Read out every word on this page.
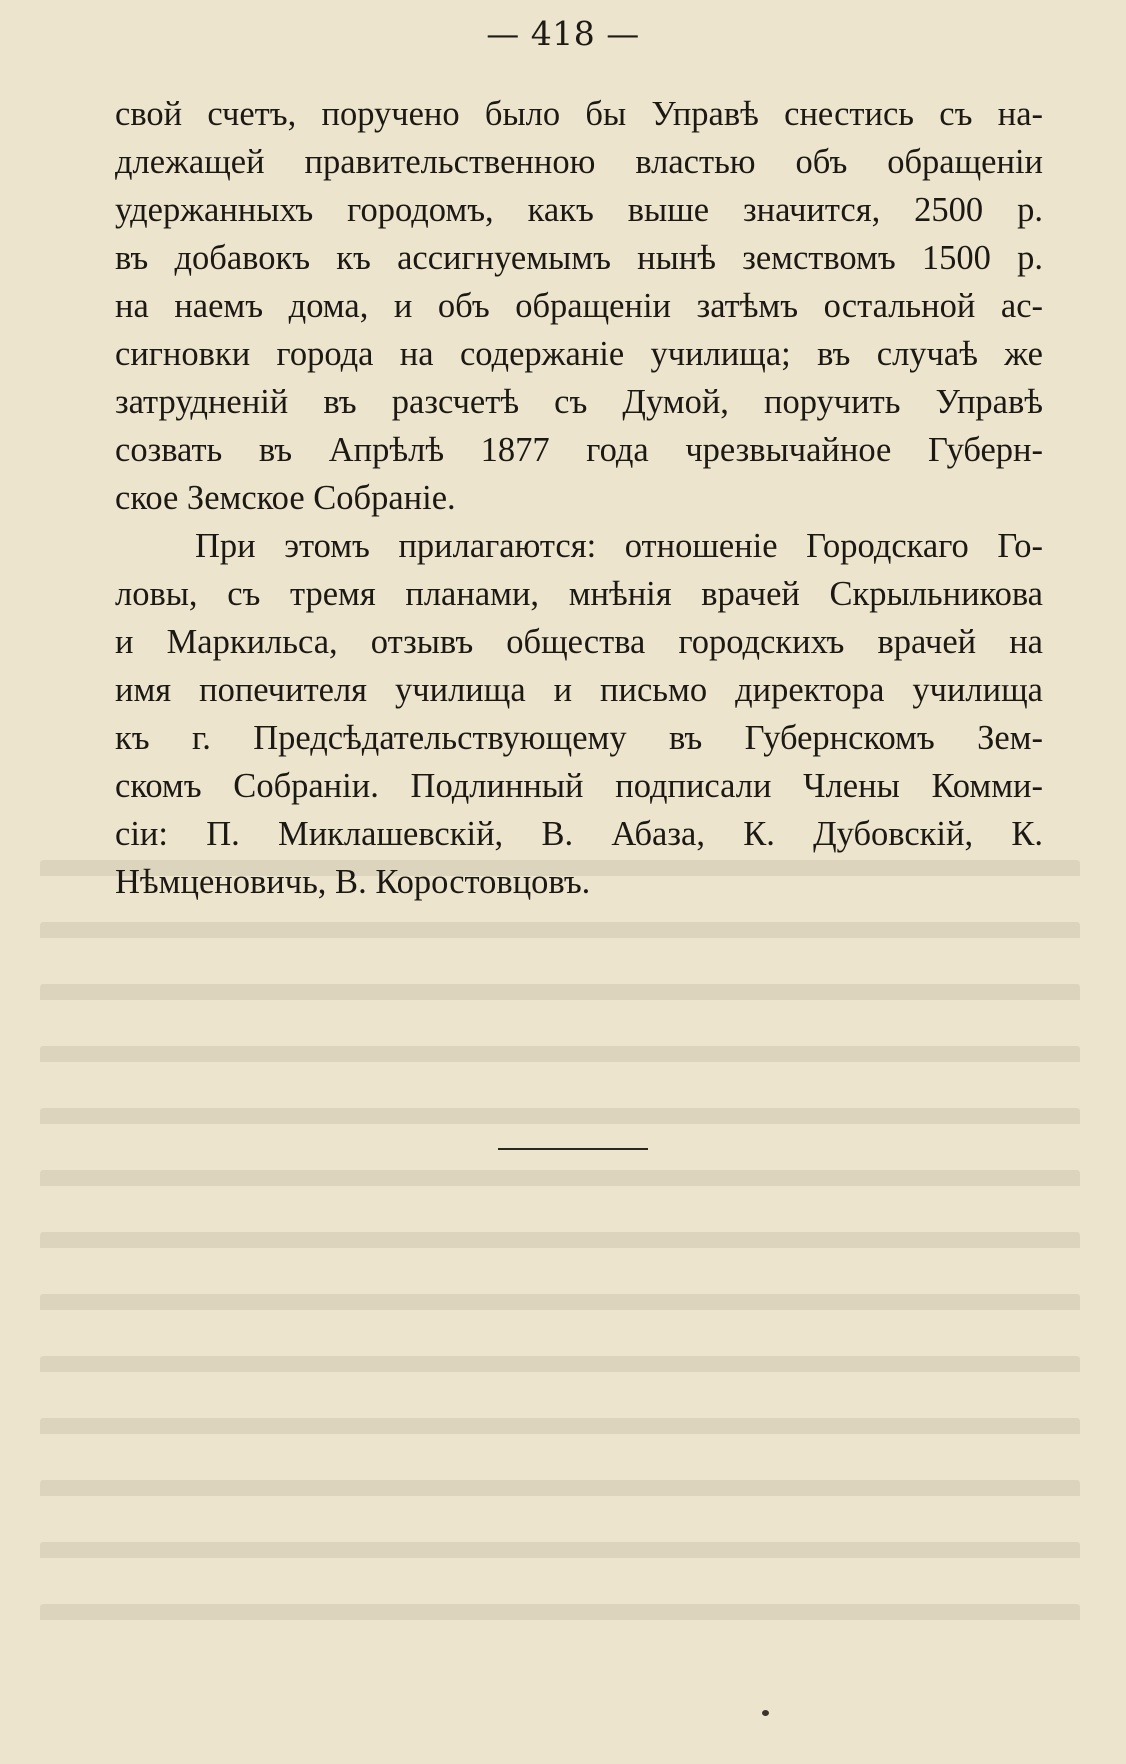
— 418 —
свой счетъ, поручено было бы Управѣ снестись съ на-
длежащей правительственною властью объ обращеніи
удержанныхъ городомъ, какъ выше значится, 2500 р.
въ добавокъ къ ассигнуемымъ нынѣ земствомъ 1500 р.
на наемъ дома, и объ обращеніи затѣмъ остальной ас-
сигновки города на содержаніе училища; въ случаѣ же
затрудненій въ разсчетѣ съ Думой, поручить Управѣ
созвать въ Апрѣлѣ 1877 года чрезвычайное Губерн-
ское Земское Собраніе.
При этомъ прилагаются: отношеніе Городскаго Го-
ловы, съ тремя планами, мнѣнія врачей Скрыльникова
и Маркильса, отзывъ общества городскихъ врачей на
имя попечителя училища и письмо директора училища
къ г. Предсѣдательствующему въ Губернскомъ Зем-
скомъ Собраніи. Подлинный подписали Члены Комми-
сіи: П. Миклашевскій, В. Абаза, К. Дубовскій, К.
Нѣмценовичь, В. Коростовцовъ.
